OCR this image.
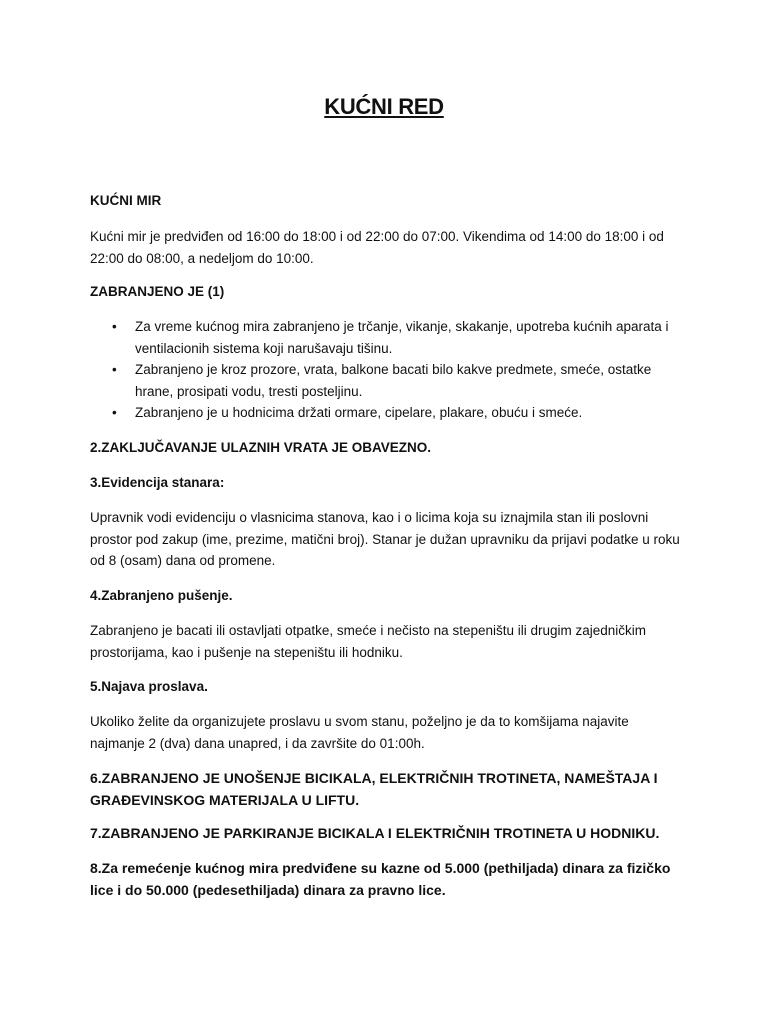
KUĆNI RED
KUĆNI MIR
Kućni mir je predviđen od 16:00 do 18:00 i od 22:00 do 07:00. Vikendima od 14:00 do 18:00 i od 22:00 do 08:00, a nedeljom do 10:00.
ZABRANJENO JE (1)
•	Za vreme kućnog mira zabranjeno je trčanje, vikanje, skakanje, upotreba kućnih aparata i ventilacionih sistema koji narušavaju tišinu.
•	Zabranjeno je kroz prozore, vrata, balkone bacati bilo kakve predmete, smeće, ostatke hrane, prosipati vodu, tresti posteljinu.
•	Zabranjeno je u hodnicima držati ormare, cipelare, plakare, obuću i smeće.
2.ZAKLJUČAVANJE ULAZNIH VRATA JE OBAVEZNO.
3.Evidencija stanara:
Upravnik vodi evidenciju o vlasnicima stanova, kao i o licima koja su iznajmila stan ili poslovni prostor pod zakup (ime, prezime, matični broj). Stanar je dužan upravniku da prijavi podatke u roku od 8 (osam) dana od promene.
4.Zabranjeno pušenje.
Zabranjeno je bacati ili ostavljati otpatke, smeće i nečisto na stepeništu ili drugim zajedničkim prostorijama, kao i pušenje na stepeništu ili hodniku.
5.Najava proslava.
Ukoliko želite da organizujete proslavu u svom stanu, poželjno je da to komšijama najavite najmanje 2 (dva) dana unapred, i da završite do 01:00h.
6.ZABRANJENO JE UNOŠENJE BICIKALA, ELEKTRIČNIH TROTINETA, NAMEŠTAJA I GRAĐEVINSKOG MATERIJALA U LIFTU.
7.ZABRANJENO JE PARKIRANJE BICIKALA I ELEKTRIČNIH TROTINETA U HODNIKU.
8.Za remećenje kućnog mira predviđene su kazne od 5.000 (pethiljada) dinara za fizičko lice i do 50.000 (pedesethiljada) dinara za pravno lice.
